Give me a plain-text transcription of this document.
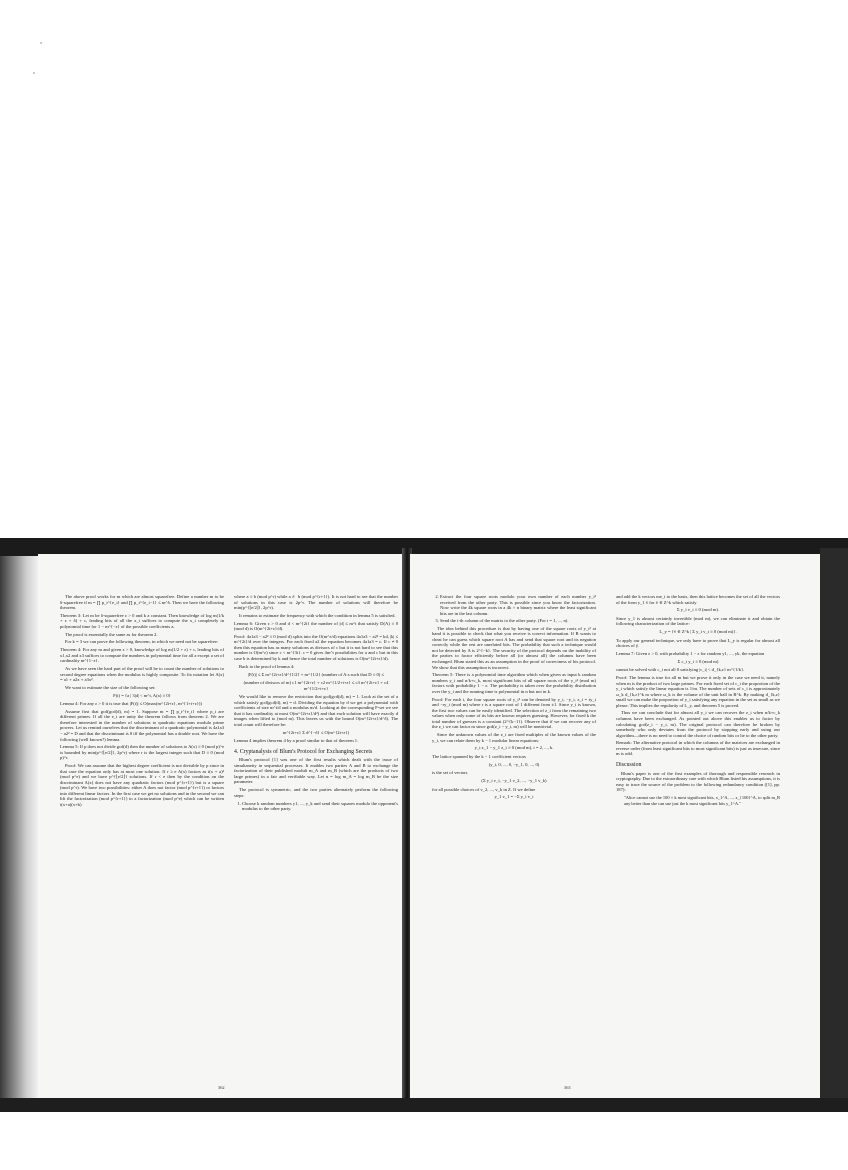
The above proof works for m which are almost squarefree. Define a number m to be δ-squarefree if m = ∏ p_i^{e_i} and ∏ p_i^{e_i−1} ≤ m^δ. Then we have the following theorem.

Theorem 3: Let m be δ-squarefree ε > 0 and k a constant. Then knowledge of log m(1/k + ε + δ) + c, leading bits of all the x_i suffices to compute the x_i completely in polynomial time for 1 − m^{−ε} of the possible coefficients a.

The proof is essentially the same as for theorem 2.

For k = 3 we can prove the following theorem, in which we need not be squarefree:

Theorem 4: For any m and given ε > 0, knowledge of log m(1/2 + ε) + c, leading bits of x1,x2 and x3 suffices to compute the numbers in polynomial time for all a except a set of cardinality m^{1−ε}.

As we have seen the hard part of the proof will be to count the number of solutions to second degree equations when the modulus is highly composite. To fix notation let A(x) = a1 + a2x + a3x².

We want to estimate the size of the following set:

F(t) = {a | 3|d| < m^t, A(x) ≡ 0}

Lemma 4: For any ε > 0 it is true that |F(t)| ≤ O(max(m^{2t+ε}, m^{1+t+ε}))

Assume first that gcd(gcd(d), m) = 1. Suppose m = ∏ p_i^{e_i} where p_i are different primes. If all the e_i are unity the theorem follows from theorem 2. We are therefore interested in the number of solutions to quadratic equations modulo prime powers. Let us remind ourselves that the discriminant of a quadratic polynomial is 4a1a3 − a2² = D and that the discriminant is 0 iff the polynomial has a double root. We have the following (well known?) lemma.

Lemma 5: If p does not divide gcd(d) then the number of solutions to A(x) ≡ 0 (mod p)^e is bounded by min(p^{⌊e/2⌋}, 2p^r) where r is the largest integer such that D ≡ 0 (mod p)^r.

Proof: We can assume that the highest degree coefficient is not divisible by p since in that case the equation only has at most one solution. If r ≥ e A(x) factors as t(x + a)² (mod p^e) and we have p^{⌊e/2⌋} solutions. If r < e then by the condition on the discriminant A(x) does not have any quadratic factors (mod p^{r+1}) but is a square (mod p^r). We have two possibilities: either A does not factor (mod p^{r+1}) or factors into different linear factors. In the first case we get no solutions and in the second we can lift the factorization (mod p^{r+1}) to a factorization (mod p^e) which can be written t(x+a)(x+b)

where a ≡ b (mod p^r) while a ≢ b (mod p^{r+1}). It is not hard to see that the number of solutions in this case is 2p^r. The number of solutions will therefore be min(p^{⌊e/2⌋}, 2p^r).

It remains to estimate the frequency with which the condition in lemma 5 is satisfied.

Lemma 6: Given ε > 0 and d < m^{2t} the number of |d| ≤ m^t that satisfy D(A) ≡ 0 (mod d) is O(m^{2t+ε}/d).

Proof: 4a1a3 − a2² ≡ 0 (mod d) splits into the O(m^ε/d) equations 4a1a3 − a2² = kd, |k| ≤ m^{2t}/d over the integers. For each fixed a2 the equation becomes 4a1a3 = c. If c ≠ 0 then this equation has as many solutions as divisors of c but it is not hard to see that this number is O(m^ε) since c < m^{3t}. c = 0 gives 4m^t possibilities for a and c but in this case b is determined by k and hence the total number of solutions is O(m^{2t+ε}/d).

Back to the proof of lemma 4:

|F(t)| ≤ Σ m^{2t+ε}/d^{1/2} + m^{1/2} (number of A:s such that D ≡ 0) ≤

(number of divisors of m) c1 m^{2t+ε} + c2 m^{1/2+t+ε} ≤ c3 m^{2t+ε} + c4 m^{1/2+t+ε}

We would like to remove the restriction that gcd(gcd(d), m) = 1. Look at the set of a which satisfy gcd(gcd(d), m) = d. Dividing the equation by d we get a polynomial with coefficients of size m^t/d and a modulus m/d. Looking at the corresponding F-set we see that it has cardinality at most O(m^{2t+ε}/d²) and that each solution will have exactly d images when lifted to (mod m). This leaves us with the bound O(m^{2t+ε}/d^δ). The total count will therefore be:

m^{2t+ε} Σ d^{−δ} ≤ O(m^{2t+ε})

Lemma 4 implies theorem 4 by a proof similar to that of theorem 1.

4. Cryptanalysis of Blum's Protocol for Exchanging Secrets

Blum's protocol [1] was one of the first results which dealt with the issue of simultaneity in sequential processes. It enables two parties A and B to exchange the factorization of their published moduli m_A and m_B (which are the products of two large primes) in a fair and verifiable way. Let n = log m_A = log m_B be the size parameter.

The protocol is symmetric, and the two parties alternately perform the following steps:

1. Choose k random numbers y1, ..., y_k and send their squares modulo the opponent's modulus to the other party.
362
2. Extract the four square roots modulo your own number of each number y_i² received from the other party. This is possible since you know the factorization. Now write the 4k square roots in a 4k × n binary matrix where the least significant bits are in the last column.
3. Send the i-th column of the matrix to the other party. (For i = 1, ..., n).

The idea behind this procedure is that by having one of the square roots of y_i² at hand it is possible to check that what you receive is correct information. If B wants to cheat he can guess which square root A has and send that square root and its negation correctly while the rest are unrelated bits. The probability that such a technique would not be detected by A is 2^{−k}. The security of the protocol depends on the inability of the parties to factor efficiently before all (or almost all) the columns have been exchanged. Blum stated this as an assumption in the proof of correctness of his protocol. We show that this assumption is incorrect.

Theorem 5: There is a polynomial time algorithm which when given as input k random numbers y_i and n/k+c_k, most significant bits of all square roots of the y_i² (mod m) factors with probability 1 − ε. The probability is taken over the probability distribution over the y_i and the running time is polynomial in n but not in k.

Proof: For each i, the four square roots of y_i² can be denoted by y_i, −y_i, z_i = ry_i and −ry_i (mod m) where r is a square root of 1 different from ±1. Since y_i is known, the first two values can be easily identified. The selection of z_i from the remaining two values when only some of its bits are known requires guessing. However, for fixed k the total number of guesses is a constant (2^{k−1}). Observe that if we can recover any of the z_i we can factor m since gcd(z_i − y_i, m) will be nontrivial.

Since the unknown values of the z_i are fixed multiples of the known values of the y_i, we can relate them by k − 1 modular linear equations:

y_i z_1 − y_1 z_i ≡ 0 (mod m), i = 2, ..., k.

The lattice spanned by the k − 1 coefficient vectors

(y_i, 0, ..., 0, −y_1, 0, ..., 0)

is the set of vectors

(Σ y_i v_i, −y_1 v_2, ..., −y_1 v_k)

for all possible choices of v_2, ..., v_k in Z. If we define

y_1 v_1 = −Σ y_i v_i

and add the k vectors me_i to the basis, then this lattice becomes the set of all the vectors of the form y_1 v̄ for v̄ ∈ Z^k which satisfy

Σ y_i v_i ≡ 0 (mod m).

Since y_1 is almost certainly invertible (mod m), we can eliminate it and obtain the following characterization of the lattice:

L_y = {v̄ ∈ Z^k | Σ y_i v_i ≡ 0 (mod m)}.

To apply our general technique, we only have to prove that L_y is regular for almost all choices of ȳ.

Lemma 7: Given ε > 0, with probability 1 − ε for random y1, ..., yk, the equation

Σ c_i y_i ≡ 0 (mod m)

cannot be solved with c_i not all 0 satisfying |c_i| < d_{k,ε} m^{1/k}.

Proof: The lemma is true for all m but we prove it only in the case we need it, namely when m is the product of two large primes. For each fixed set of c_i the proportion of the y_i which satisfy the linear equation is 1/m. The number of sets of c_i is approximately ω_k d_{k,ε}^k m where ω_k is the volume of the unit ball in R^k. By making d_{k,ε} small we can make the proportion of y_i satisfying any equation in the set as small as we please. This implies the regularity of L_y, and theorem 5 is proved.

Thus we can conclude that for almost all y_i we can recover the z_i when n/k+c_k columns have been exchanged. As pointed out above this enables us to factor by calculating gcd(z_i − y_i, m). The original protocol can therefore be broken by somebody who only deviates from the protocol by stopping early and using our algorithm—there is no need to control the choice of random bits or lie to the other party.

Remark: The alternative protocol in which the columns of the matrices are exchanged in reverse order (from least significant bits to most significant bits) is just as insecure, since m is odd.

Discussion

Blum's paper is one of the first examples of thorough and responsible research in cryptography. Due to the extraordinary care with which Blum listed his assumptions, it is easy to trace the source of the problem to the following redundancy condition ([1], pp. 187):

"Alice cannot use the 100 × k most significant bits, x_1^A, ..., x_{100}^A, to split m_B any better than she can use just the k most significant bits y_1^A."
363
